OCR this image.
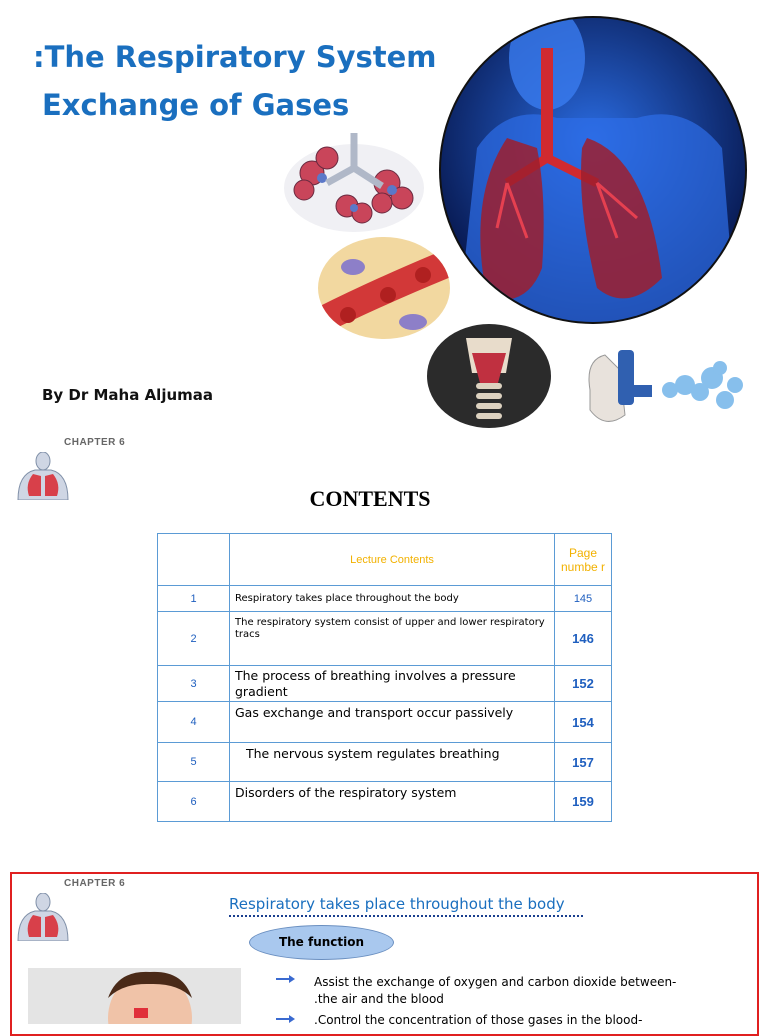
:The Respiratory System
Exchange of Gases
By Dr Maha Aljumaa
CHAPTER 6
CONTENTS
	Lecture Contents	Page numbe r
1	Respiratory takes place throughout the body	145
2	The respiratory system consist of upper and lower respiratory tracs	146
3	The process of breathing involves a pressure gradient	152
4	Gas exchange and transport occur passively	154
5	The nervous system regulates breathing	157
6	Disorders of the respiratory system	159
CHAPTER 6
Respiratory takes place throughout the body
The function
Assist the exchange of oxygen and carbon dioxide between-
.the air and the blood
.Control the concentration of those gases in the blood-
